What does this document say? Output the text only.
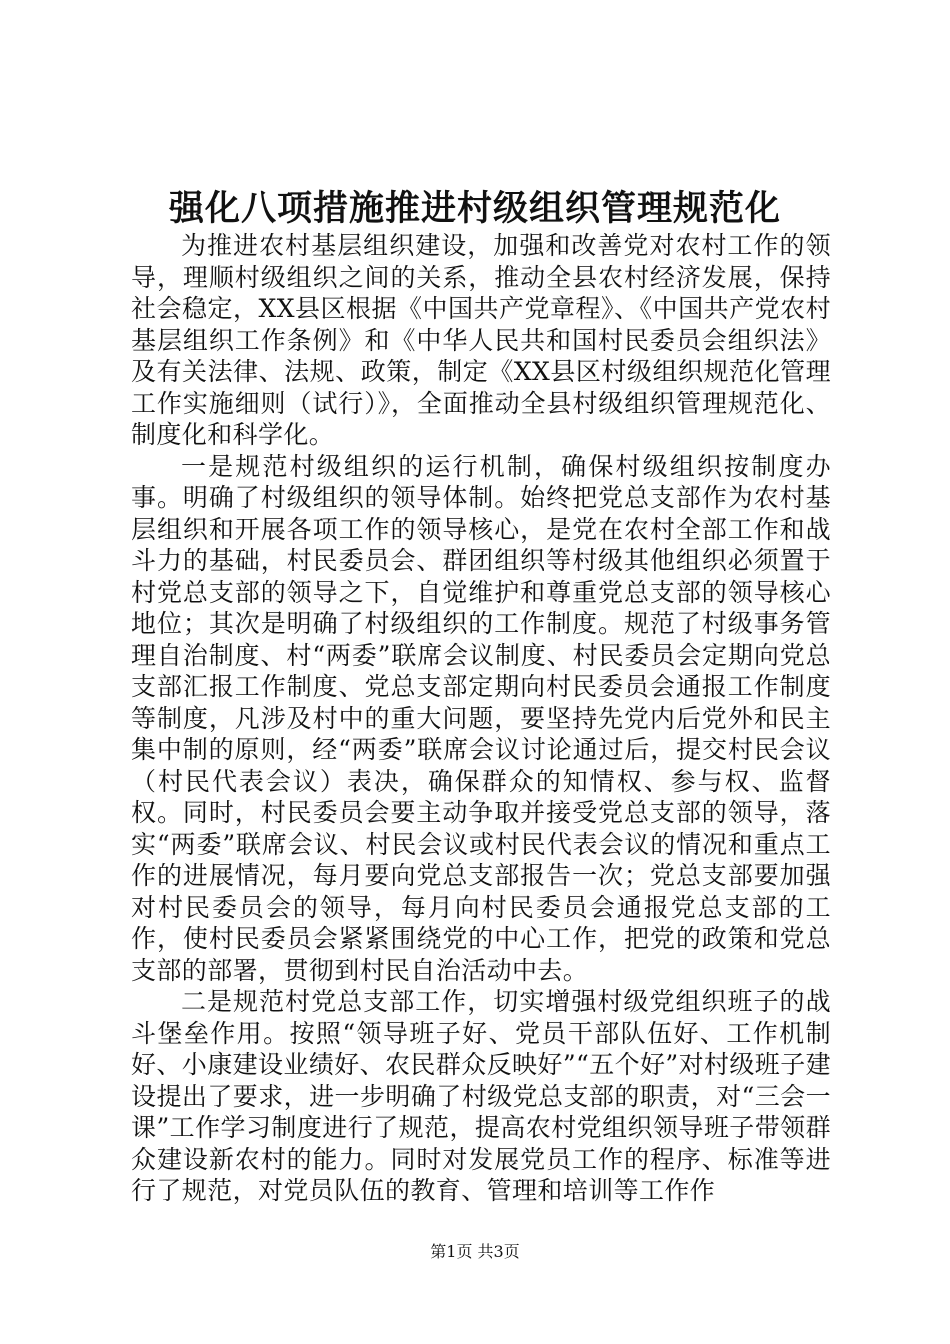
强化八项措施推进村级组织管理规范化

为推进农村基层组织建设，加强和改善党对农村工作的领导，理顺村级组织之间的关系，推动全县农村经济发展，保持社会稳定，XX县区根据《中国共产党章程》、《中国共产党农村基层组织工作条例》和《中华人民共和国村民委员会组织法》及有关法律、法规、政策，制定《XX县区村级组织规范化管理工作实施细则（试行）》，全面推动全县村级组织管理规范化、制度化和科学化。

一是规范村级组织的运行机制，确保村级组织按制度办事。明确了村级组织的领导体制。始终把党总支部作为农村基层组织和开展各项工作的领导核心，是党在农村全部工作和战斗力的基础，村民委员会、群团组织等村级其他组织必须置于村党总支部的领导之下，自觉维护和尊重党总支部的领导核心地位；其次是明确了村级组织的工作制度。规范了村级事务管理自治制度、村“两委”联席会议制度、村民委员会定期向党总支部汇报工作制度、党总支部定期向村民委员会通报工作制度等制度，凡涉及村中的重大问题，要坚持先党内后党外和民主集中制的原则，经“两委”联席会议讨论通过后，提交村民会议（村民代表会议）表决，确保群众的知情权、参与权、监督权。同时，村民委员会要主动争取并接受党总支部的领导，落实“两委”联席会议、村民会议或村民代表会议的情况和重点工作的进展情况，每月要向党总支部报告一次；党总支部要加强对村民委员会的领导，每月向村民委员会通报党总支部的工作，使村民委员会紧紧围绕党的中心工作，把党的政策和党总支部的部署，贯彻到村民自治活动中去。

二是规范村党总支部工作，切实增强村级党组织班子的战斗堡垒作用。按照“领导班子好、党员干部队伍好、工作机制好、小康建设业绩好、农民群众反映好”“五个好”对村级班子建设提出了要求，进一步明确了村级党总支部的职责，对“三会一课”工作学习制度进行了规范，提高农村党组织领导班子带领群众建设新农村的能力。同时对发展党员工作的程序、标准等进行了规范，对党员队伍的教育、管理和培训等工作作

第1页 共3页
